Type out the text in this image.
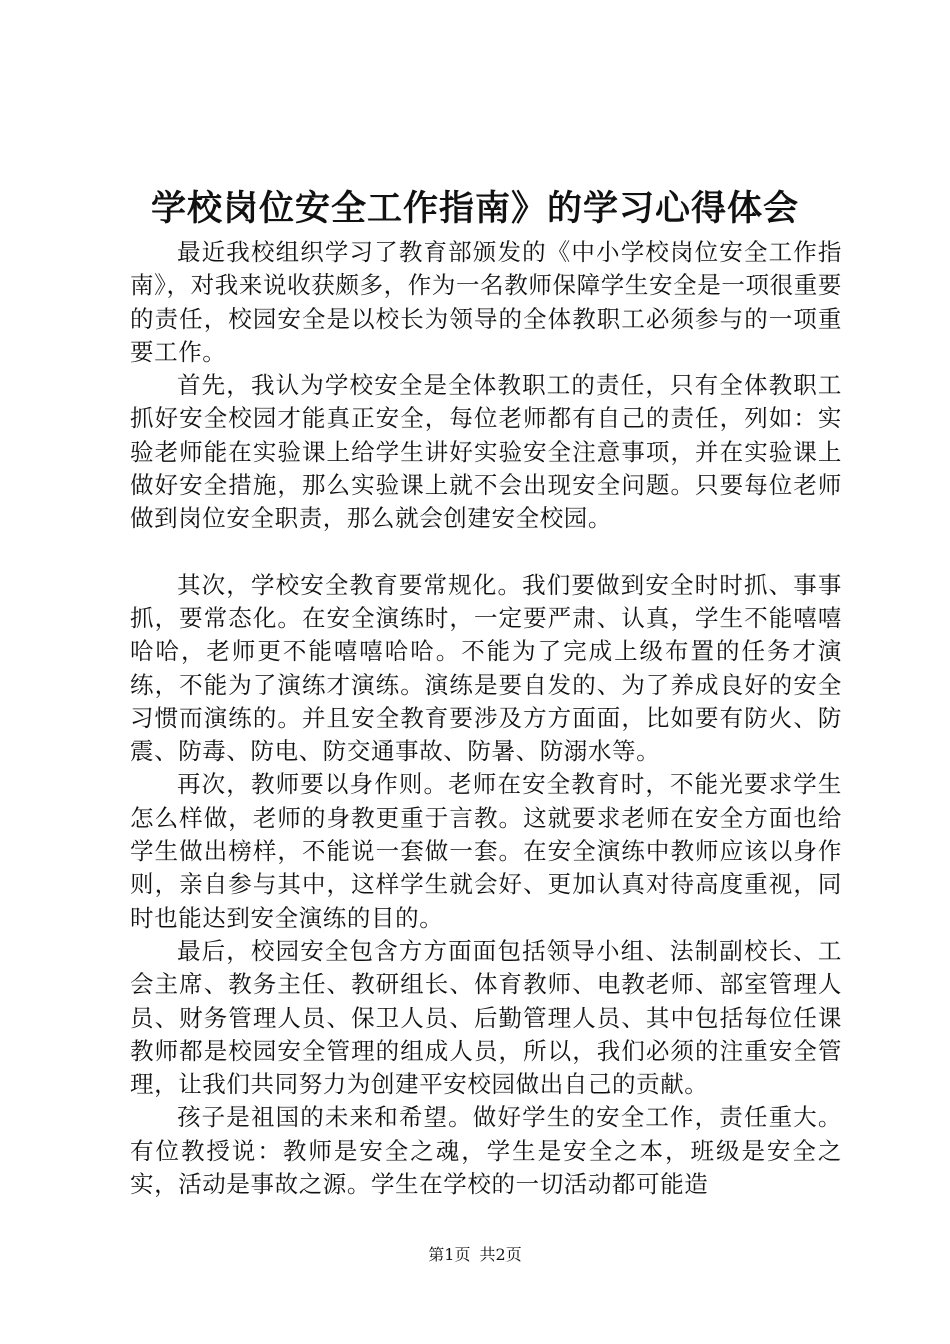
学校岗位安全工作指南》的学习心得体会

最近我校组织学习了教育部颁发的《中小学校岗位安全工作指南》，对我来说收获颇多，作为一名教师保障学生安全是一项很重要的责任，校园安全是以校长为领导的全体教职工必须参与的一项重要工作。

首先，我认为学校安全是全体教职工的责任，只有全体教职工抓好安全校园才能真正安全，每位老师都有自己的责任，列如：实验老师能在实验课上给学生讲好实验安全注意事项，并在实验课上做好安全措施，那么实验课上就不会出现安全问题。只要每位老师做到岗位安全职责，那么就会创建安全校园。

其次，学校安全教育要常规化。我们要做到安全时时抓、事事抓，要常态化。在安全演练时，一定要严肃、认真，学生不能嘻嘻哈哈，老师更不能嘻嘻哈哈。不能为了完成上级布置的任务才演练，不能为了演练才演练。演练是要自发的、为了养成良好的安全习惯而演练的。并且安全教育要涉及方方面面，比如要有防火、防震、防毒、防电、防交通事故、防暑、防溺水等。

再次，教师要以身作则。老师在安全教育时，不能光要求学生怎么样做，老师的身教更重于言教。这就要求老师在安全方面也给学生做出榜样，不能说一套做一套。在安全演练中教师应该以身作则，亲自参与其中，这样学生就会好、更加认真对待高度重视，同时也能达到安全演练的目的。

最后，校园安全包含方方面面包括领导小组、法制副校长、工会主席、教务主任、教研组长、体育教师、电教老师、部室管理人员、财务管理人员、保卫人员、后勤管理人员、其中包括每位任课教师都是校园安全管理的组成人员，所以，我们必须的注重安全管理，让我们共同努力为创建平安校园做出自己的贡献。

孩子是祖国的未来和希望。做好学生的安全工作，责任重大。有位教授说：教师是安全之魂，学生是安全之本，班级是安全之实，活动是事故之源。学生在学校的一切活动都可能造

第1页 共2页
